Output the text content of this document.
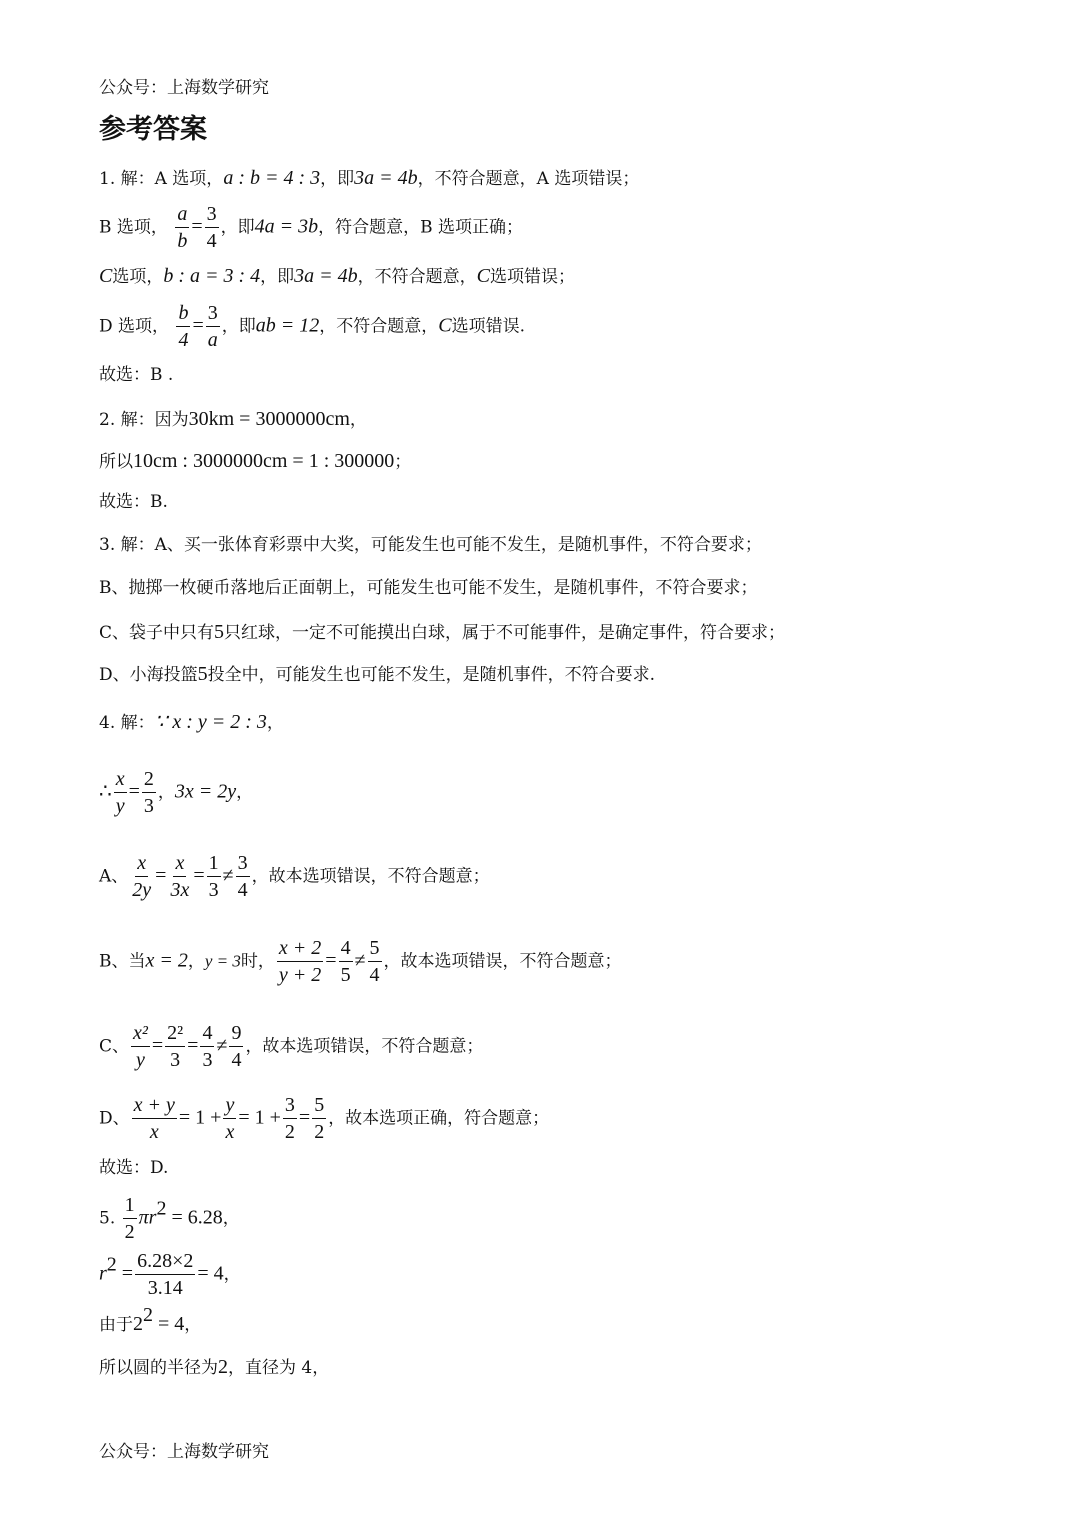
公众号：上海数学研究
参考答案
1. 解：A 选项，a : b = 4 : 3，即3a = 4b，不符合题意，A 选项错误；
B 选项， $\frac{a}{b} = \frac{3}{4}$ ，即4a = 3b，符合题意，B 选项正确；
C选项，b : a = 3 : 4，即3a = 4b，不符合题意，C选项错误；
D 选项， $\frac{b}{4} = \frac{3}{a}$ ，即ab = 12，不符合题意，C选项错误.
故选：B .
2. 解：因为30km = 3000000cm，
所以10cm : 3000000cm = 1 : 300000；
故选：B.
3. 解：A、买一张体育彩票中大奖，可能发生也可能不发生，是随机事件，不符合要求；
B、抛掷一枚硬币落地后正面朝上，可能发生也可能不发生，是随机事件，不符合要求；
C、袋子中只有5只红球，一定不可能摸出白球，属于不可能事件，是确定事件，符合要求；
D、小海投篮5投全中，可能发生也可能不发生，是随机事件，不符合要求.
4. 解：∵ x : y = 2 : 3，
∴ $\frac{x}{y} = \frac{2}{3}$ ，3x = 2y，
A、 $\frac{x}{2y} = \frac{x}{3x} = \frac{1}{3} \ne \frac{3}{4}$ ，故本选项错误，不符合题意；
B、当x = 2，y = 3时， $\frac{x + 2}{y + 2} = \frac{4}{5} \ne \frac{5}{4}$ ，故本选项错误，不符合题意；
C、 $\frac{\text{x²}}{y} = \frac{\text{2²}}{3} = \frac{4}{3} \ne \frac{9}{4}$ ，故本选项错误，不符合题意；
D、 $\frac{x + y}{x} = 1 + \frac{y}{x} = 1 + \frac{3}{2} = \frac{5}{2}$ ，故本选项正确，符合题意；
故选：D.
5. $\frac{1}{2} \pi r^2 = 6.28$，
$r^2 = \frac{6.28\times 2}{3.14} = 4$，
由于$2^2 = 4$，
所以圆的半径为2，直径为 4，
公众号：上海数学研究
